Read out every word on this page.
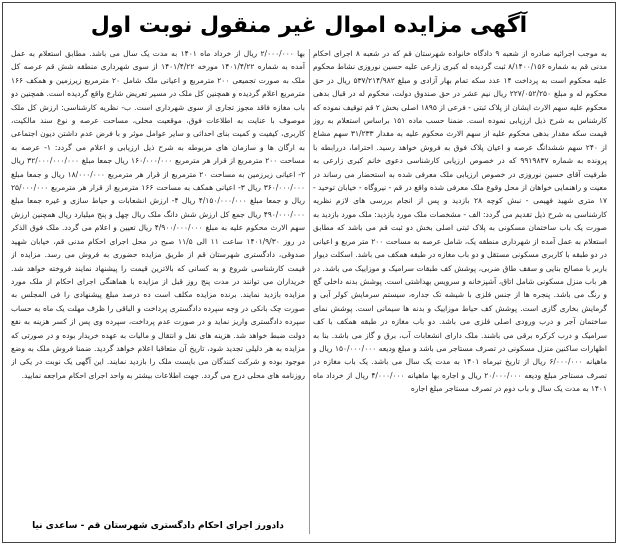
آگهی مزایده اموال غیر منقول نوبت اول
به موجب اجرائیه صادره از شعبه ۹ دادگاه خانواده شهرستان قم که در شعبه ۸ اجرای احکام مدنی قم به شماره ۸/۱۴۰۰/۱۵۶ ثبت گردیده له کبری زارعی علیه حسین نوروزی نشاط محکوم علیه محکوم است به پرداخت ۱۴ عدد سکه تمام بهار آزادی و مبلغ ۵۳۷/۲۱۴/۹۸۲ ریال در حق محکوم له و مبلغ ۲۲۷/۰۵۲/۲۵۰ ریال نیم عشر در حق صندوق دولت، محکوم له در قبال بدهی محکوم علیه سهم الارث ایشان از پلاک ثبتی - فرعی از ۱۸۹۵ اصلی بخش ۲ قم توقیف نموده که کارشناس به شرح ذیل ارزیابی نموده است. ضمنا حسب ماده ۱۵۱ براساس استعلام به روز قیمت سکه مقدار بدهی محکوم علیه از سهم الارث محکوم علیه به مقدار ۳۱/۲۳۳ سهم مشاع از ۲۴۰ سهم ششدانگ عرصه و اعیان پلاک فوق به فروش خواهد رسید. احتراما، دررابطه با پرونده به شماره ۹۹۱۹۸۳۷ که در خصوص ارزیابی کارشناسی دعوی خانم کبری زارعی به طرفیت آقای حسین نوروزی در خصوص ارزیابی ملک معرفی شده به استحضار می رساند در معیت و راهنمایی خواهان از محل وقوع ملک معرفی شده واقع در قم - نیروگاه - خیابان توحید - ۱۷ متری شهید فهیمی - نبش کوچه ۲۸ بازدید و پس از انجام بررسی های لازم نظریه کارشناسی به شرح ذیل تقدیم می گردد: الف - مشخصات ملک مورد بازدید: ملک مورد بازدید به صورت یک باب ساختمان مسکونی به پلاک ثبتی اصلی بخش دو ثبت قم می باشد که مطابق استعلام به عمل آمده از شهرداری منطقه یک، شامل عرصه به مساحت ۲۰۰ متر مربع و اعیانی در دو طبقه با کاربری مسکونی مستقل و دو باب مغازه در طبقه همکف می باشد. اسکلت دیوار باربر با مصالح بنایی و سقف طاق ضربی، پوشش کف طبقات سرامیک و موزاییک می باشد. در هر باب منزل مسکونی شامل اتاق، آشپزخانه و سرویس بهداشتی است. پوشش بدنه داخلی گچ و رنگ می باشد. پنجره ها از جنس فلزی با شیشه تک جداره، سیستم سرمایش کولر آبی و گرمایش بخاری گازی است. پوشش کف حیاط موزاییک و بدنه ها سیمانی است. پوشش نمای ساختمان آجر و درب ورودی اصلی فلزی می باشد. دو باب مغازه در طبقه همکف با کف سرامیک و درب کرکره برقی می باشند. ملک دارای انشعابات آب، برق و گاز می باشد. بنا به اظهارات ساکنین منزل مسکونی در تصرف مستاجر می باشد و مبلغ ودیعه ۱۵۰/۰۰۰/۰۰۰ ریال و ماهیانه ۶/۰۰۰/۰۰۰ ریال از تاریخ تیرماه ۱۴۰۱ به مدت یک سال می باشد. یک باب مغازه در تصرف مستاجر مبلغ ودیعه ۲۰/۰۰۰/۰۰۰ ریال و اجاره بها ماهیانه ۴/۰۰۰/۰۰۰ ریال از خرداد ماه ۱۴۰۱ به مدت یک سال و باب دوم در تصرف مستاجر مبلغ اجاره
بها ۲/۰۰۰/۰۰۰ ریال از خرداد ماه ۱۴۰۱ به مدت یک سال می باشد. مطابق استعلام به عمل آمده به شماره ۱۴۰۱/۴/۲۲ مورخه ۱۴۰۱/۴/۲۲ از سوی شهرداری منطقه شش قم عرصه کل ملک به صورت تجمیعی ۲۰۰ مترمربع و اعیانی ملک شامل ۲۰ مترمربع زیرزمین و همکف ۱۶۶ مترمربع اعلام گردیده و همچنین کل ملک در مسیر تعریض شارع واقع گردیده است. همچنین دو باب مغازه فاقد مجوز تجاری از سوی شهرداری است. ب- نظریه کارشناسی: ارزش کل ملک موصوف با عنایت به اطلاعات فوق، موقعیت محلی، مساحت عرصه و نوع سند مالکیت، کاربری، کیفیت و کمیت بنای احداثی و سایر عوامل موثر و با فرض عدم داشتن دیون اجتماعی به ارگان ها و سازمان های مربوطه به شرح ذیل ارزیابی و اعلام می گردد: ۱- عرصه به مساحت ۲۰۰ مترمربع از قرار هر مترمربع ۱۶۰/۰۰۰/۰۰۰ ریال جمعا مبلغ ۳۲/۰۰۰/۰۰۰/۰۰۰ ریال ۲- اعیانی زیرزمین به مساحت ۲۰ مترمربع از قرار هر مترمربع ۱۸/۰۰۰/۰۰۰ ریال و جمعا مبلغ ۳۶۰/۰۰۰/۰۰۰ ریال ۳- اعیانی همکف به مساحت ۱۶۶ مترمربع از قرار هر مترمربع ۲۵/۰۰۰/۰۰۰ ریال و جمعا مبلغ ۴/۱۵۰/۰۰۰/۰۰۰ ریال ۴- ارزش انشعابات و حیاط سازی و غیره جمعا مبلغ ۴۹۰/۰۰۰/۰۰۰ ریال جمع کل ارزش شش دانگ ملک ریال چهل و پنج میلیارد ریال همچنین ارزش سهم الارث محکوم علیه به مبلغ ۴/۹۰۰/۰۰۰/۰۰۰ ریال تعیین و اعلام می گردد. ملک فوق الذکر در روز ۱۴۰۱/۹/۳۰ ساعت ۱۱ الی ۱۱/۵ صبح در محل اجرای احکام مدنی قم، خیابان شهید صدوقی، دادگستری شهرستان قم از طریق مزایده حضوری به فروش می رسد. مزایده از قیمت کارشناسی شروع و به کسانی که بالاترین قیمت را پیشنهاد نمایند فروخته خواهد شد. خریداران می توانند در مدت پنج روز قبل از مزایده با هماهنگی اجرای احکام از ملک مورد مزایده بازدید نمایند. برنده مزایده مکلف است ده درصد مبلغ پیشنهادی را فی المجلس به صورت چک بانکی در وجه سپرده دادگستری پرداخت و الباقی را ظرف مهلت یک ماه به حساب سپرده دادگستری واریز نماید و در صورت عدم پرداخت، سپرده وی پس از کسر هزینه به نفع دولت ضبط خواهد شد. هزینه های نقل و انتقال و مالیات به عهده خریدار بوده و در صورتی که مزایده به هر دلیلی تجدید شود، تاریخ آن متعاقبا اعلام خواهد گردید. ضمنا فروش ملک به وضع موجود بوده و شرکت کنندگان می بایست ملک را بازدید نمایند. این آگهی یک نوبت در یکی از روزنامه های محلی درج می گردد. جهت اطلاعات بیشتر به واحد اجرای احکام مراجعه نمایید.
دادورز اجرای احکام دادگستری شهرستان قم - ساعدی نیا
